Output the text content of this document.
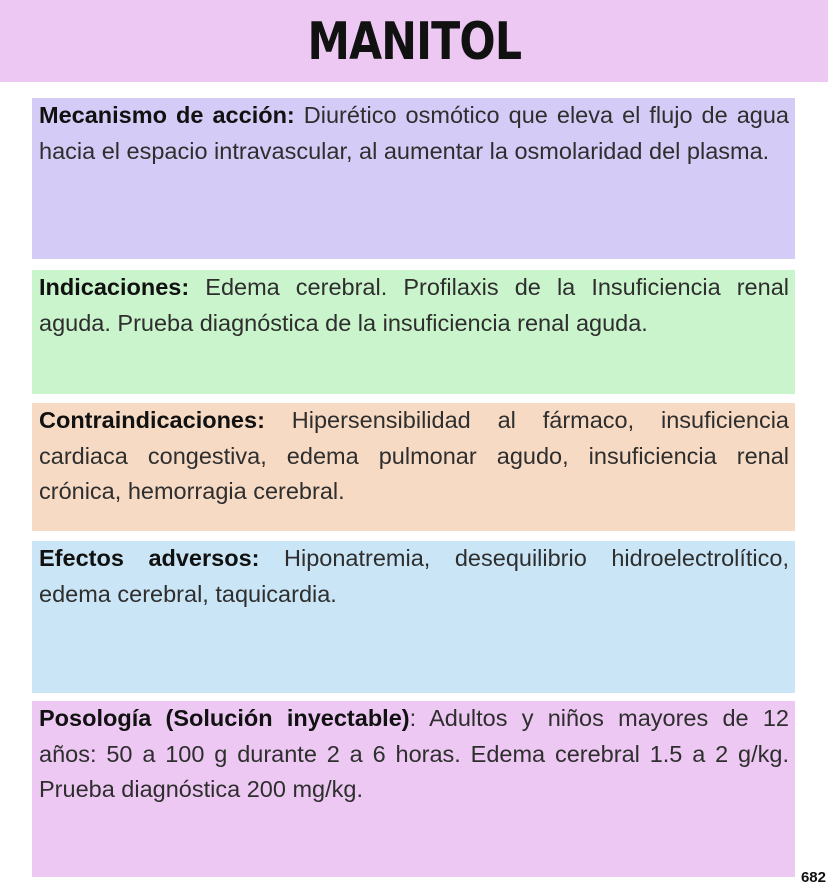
MANITOL
Mecanismo de acción: Diurético osmótico que eleva el flujo de agua hacia el espacio intravascular, al aumentar la osmolaridad del plasma.
Indicaciones: Edema cerebral. Profilaxis de la Insuficiencia renal aguda. Prueba diagnóstica de la insuficiencia renal aguda.
Contraindicaciones: Hipersensibilidad al fármaco, insuficiencia cardiaca congestiva, edema pulmonar agudo, insuficiencia renal crónica, hemorragia cerebral.
Efectos adversos: Hiponatremia, desequilibrio hidroelectrolítico, edema cerebral, taquicardia.
Posología (Solución inyectable): Adultos y niños mayores de 12 años: 50 a 100 g durante 2 a 6 horas. Edema cerebral 1.5 a 2 g/kg. Prueba diagnóstica 200 mg/kg.
682
